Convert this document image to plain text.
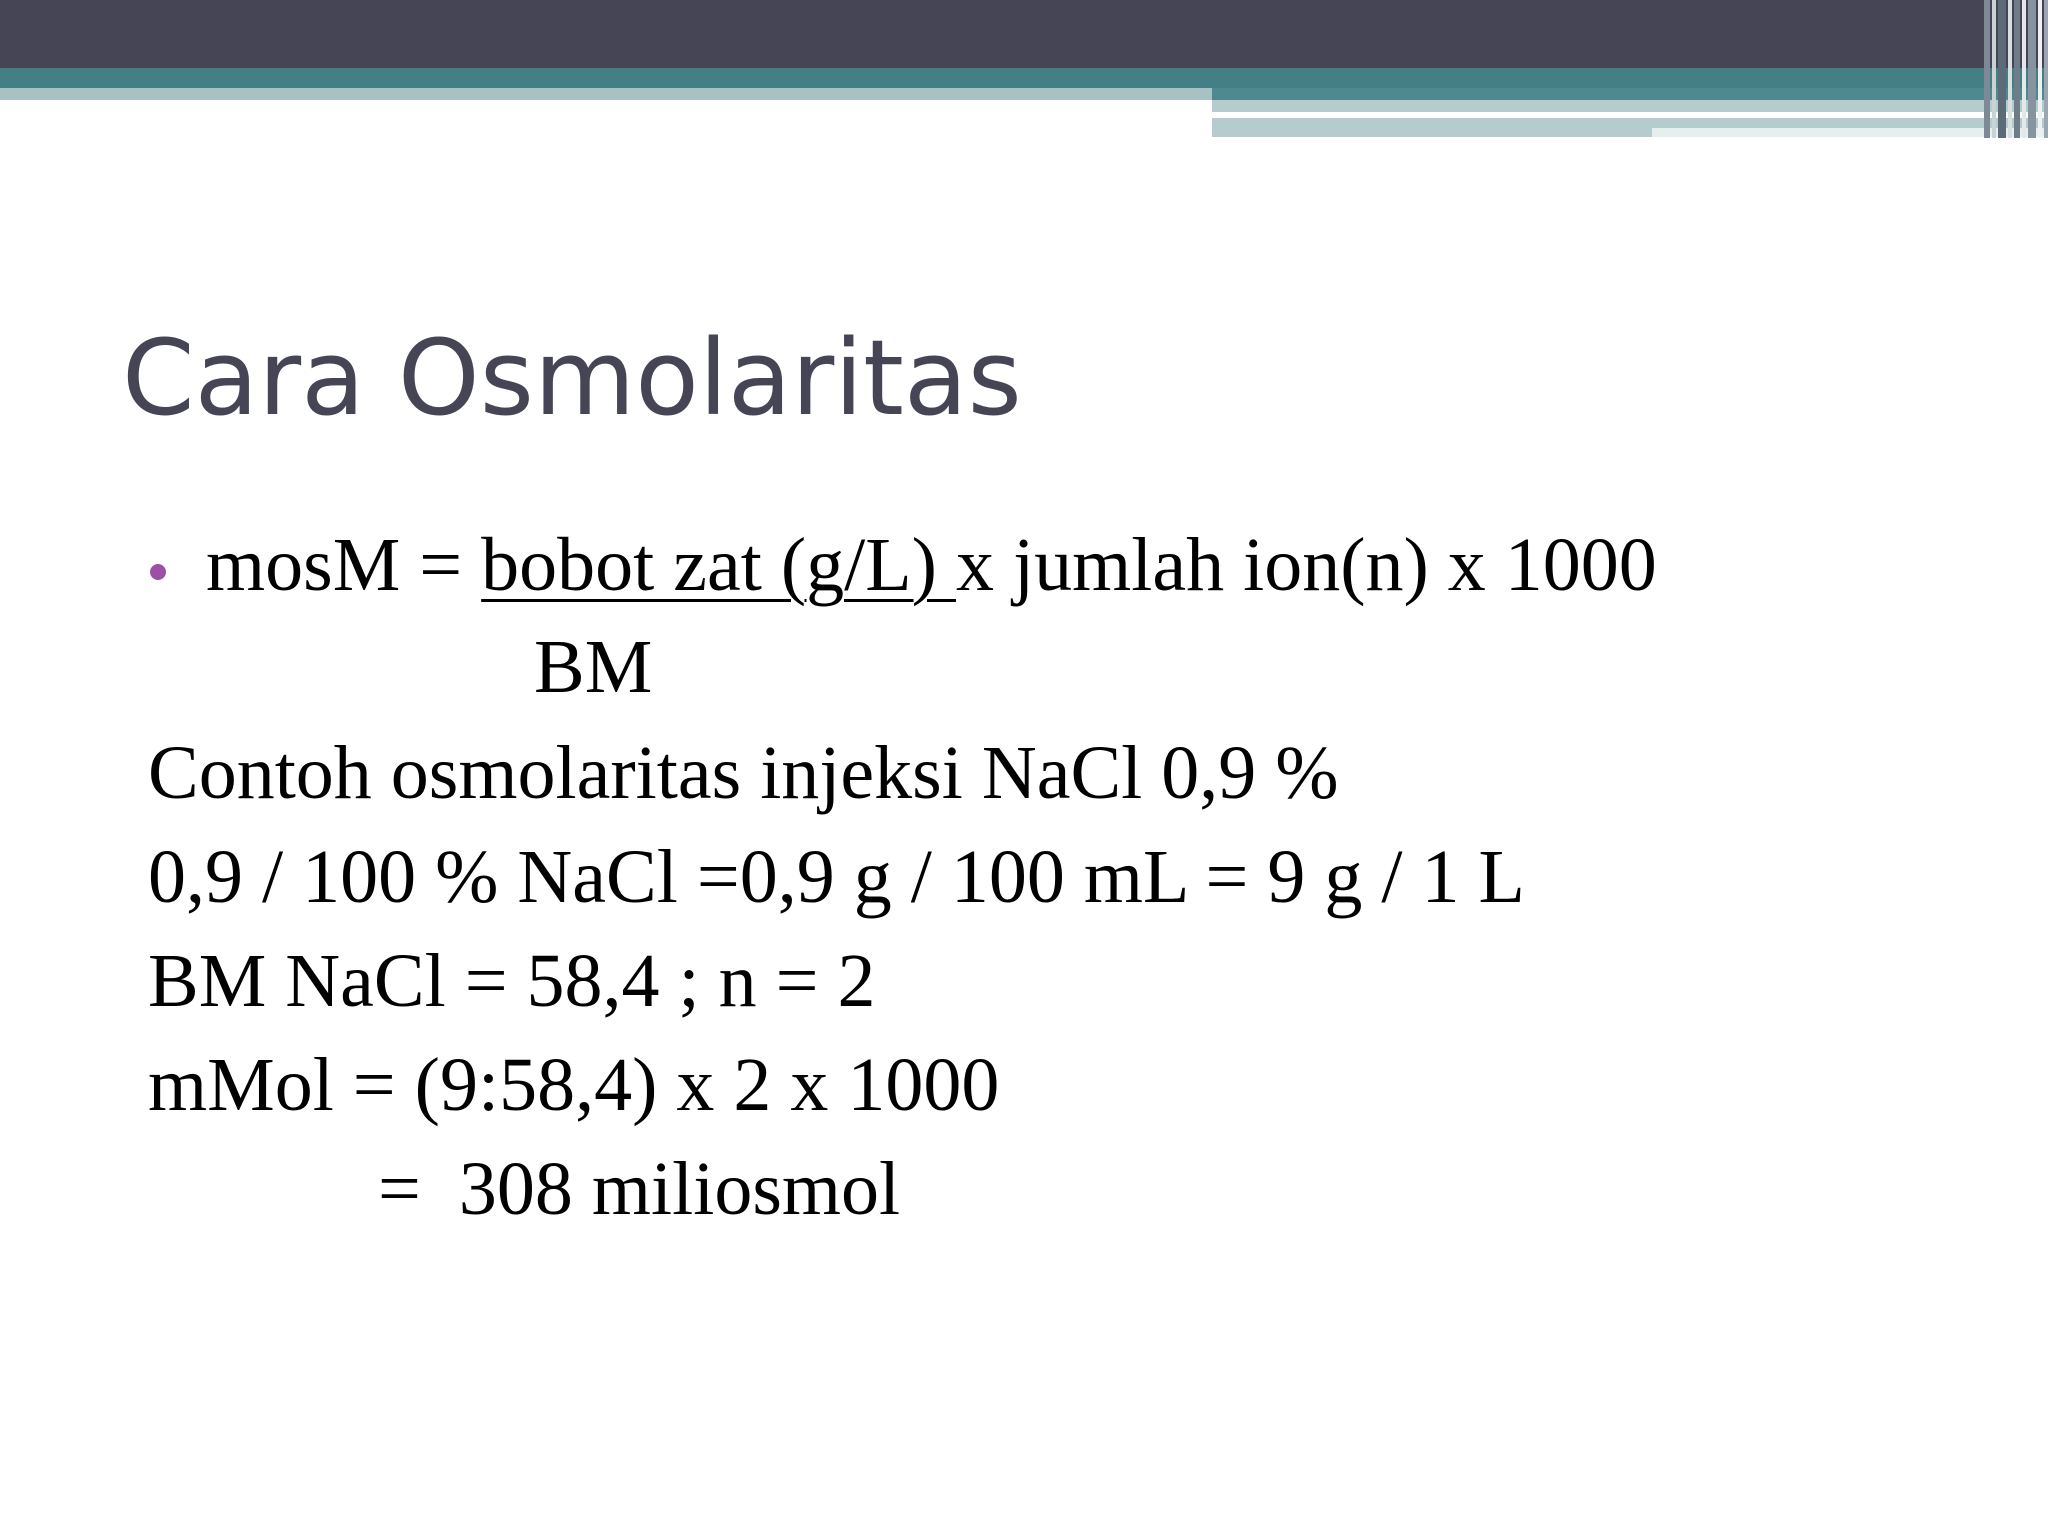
Cara Osmolaritas
mosM = bobot zat (g/L) x jumlah ion(n) x 1000
BM
Contoh osmolaritas injeksi NaCl 0,9 %
0,9 / 100 % NaCl =0,9 g / 100 mL = 9 g / 1 L
BM NaCl = 58,4 ; n = 2
mMol = (9:58,4) x 2 x 1000
=  308 miliosmol
